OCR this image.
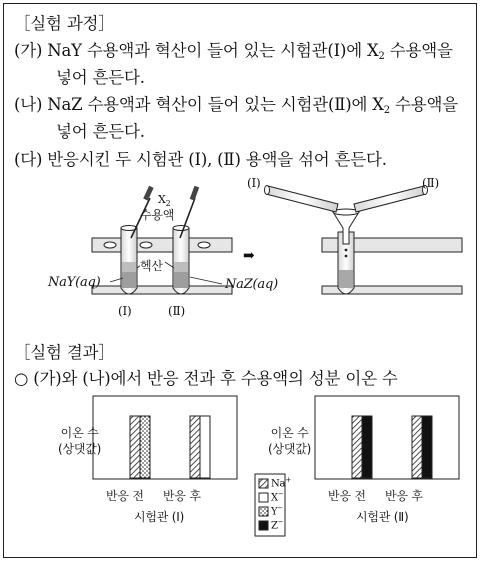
［실험 과정］
(가) NaY 수용액과 혁산이 들어 있는 시험관(Ⅰ)에 $X_2$ 수용액을
넣어 흔든다.
(나) NaZ 수용액과 혁산이 들어 있는 시험관(Ⅱ)에 $X_2$ 수용액을
넣어 흔든다.
(다) 반응시킨 두 시험관 (Ⅰ), (Ⅱ) 용액을 섞어 흔든다.
$X_2$
수용액
헥산
NaY(aq)	NaZ(aq)
(Ⅰ)	(Ⅱ)
➡
(Ⅰ)	(Ⅱ)
［실험 결과］
○ (가)와 (나)에서 반응 전과 후 수용액의 성분 이온 수
이온 수
(상댓값)
반응 전 반응 후
시험관 (Ⅰ)
이온 수
(상댓값)
반응 전 반응 후
시험관 (Ⅱ)
Na+
X−
Y−
Z−
